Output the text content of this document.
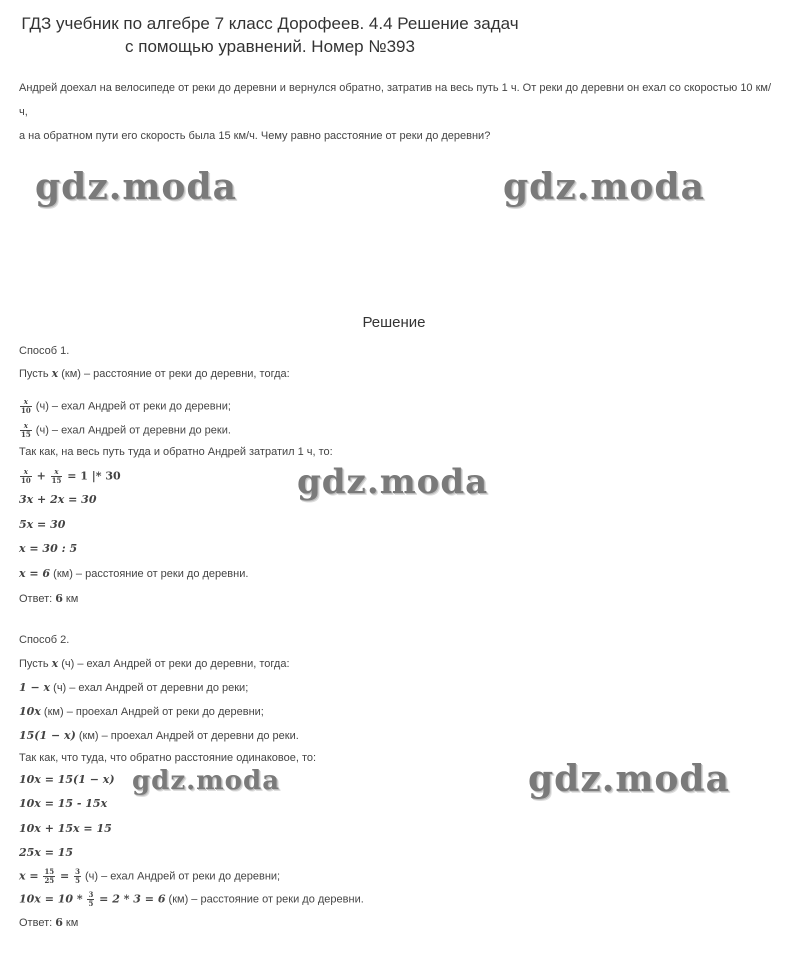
ГДЗ учебник по алгебре 7 класс Дорофеев. 4.4 Решение задач
с помощью уравнений. Номер №393

Андрей доехал на велосипеде от реки до деревни и вернулся обратно, затратив на весь путь 1 ч. От реки до деревни он ехал со скоростью 10 км/ч,

а на обратном пути его скорость была 15 км/ч. Чему равно расстояние от реки до деревни?

gdz.moda	gdz.moda
gdz.moda
gdz.moda	gdz.moda
Решение
Способ 1.
Пусть x (км) – расстояние от реки до деревни, тогда:
$\frac{x}{10} (ч)$ – ехал Андрей от реки до деревни;
$\frac{x}{15} (ч)$ – ехал Андрей от деревни до реки.
Так как, на весь путь туда и обратно Андрей затратил 1 ч, то:
$\frac{x}{10} + \frac{x}{15} = 1$ |* 30
3x + 2x = 30
5x = 30
x = 30 : 5
x = 6 (км) – расстояние от реки до деревни.
Ответ: 6 км
Способ 2.
Пусть x (ч) – ехал Андрей от реки до деревни, тогда:
1 − x (ч) – ехал Андрей от деревни до реки;
10x (км) – проехал Андрей от реки до деревни;
15(1 − x) (км) – проехал Андрей от деревни до реки.
Так как, что туда, что обратно расстояние одинаковое, то:
10x = 15(1 − x)
10x = 15 - 15x
10x + 15x = 15
25x = 15
$x = \frac{15}{25} = \frac{3}{5} (ч)$ – ехал Андрей от реки до деревни;
$10x = 10 * \frac{3}{5} = 2 * 3 = 6$ (км) – расстояние от реки до деревни.
Ответ: 6 км
